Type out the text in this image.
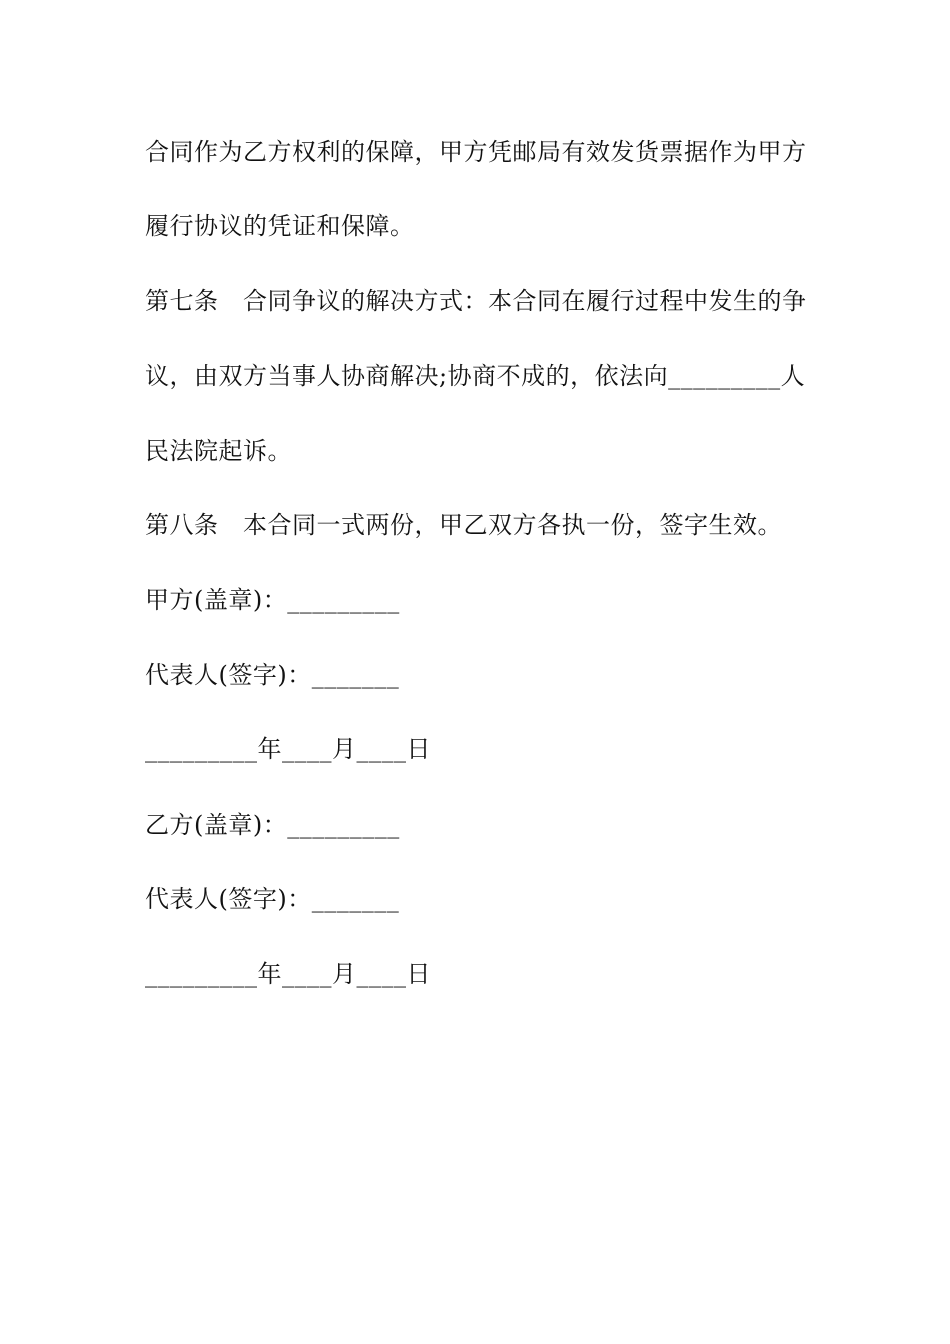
合同作为乙方权利的保障，甲方凭邮局有效发货票据作为甲方
履行协议的凭证和保障。
第七条　合同争议的解决方式：本合同在履行过程中发生的争
议，由双方当事人协商解决;协商不成的，依法向_________人
民法院起诉。
第八条　本合同一式两份，甲乙双方各执一份，签字生效。
甲方(盖章)：_________
代表人(签字)：_______
_________年____月____日
乙方(盖章)：_________
代表人(签字)：_______
_________年____月____日
